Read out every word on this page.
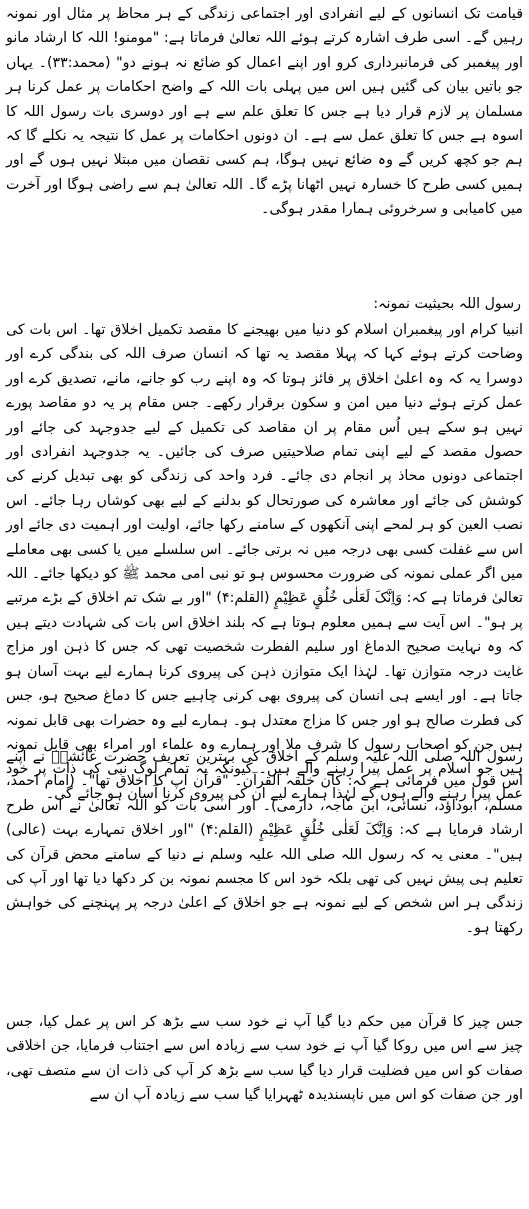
قیامت تک انسانوں کے لیے انفرادی اور اجتماعی زندگی کے ہر محاظ پر مثال اور نمونہ رہیں گے۔ اسی طرف اشارہ کرتے ہوئے اللہ تعالیٰ فرماتا ہے: "مومنو! اللہ کا ارشاد مانو اور پیغمبر کی فرمانبرداری کرو اور اپنے اعمال کو ضائع نہ ہونے دو" (محمد:۳۳)۔ یہاں جو باتیں بیان کی گئیں ہیں اس میں پہلی بات اللہ کے واضح احکامات پر عمل کرنا ہر مسلمان پر لازم قرار دیا ہے جس کا تعلق علم سے ہے اور دوسری بات رسول اللہ کا اسوہ ہے جس کا تعلق عمل سے ہے۔ ان دونوں احکامات پر عمل کا نتیجہ یہ نکلے گا کہ ہم جو کچھ کریں گے وہ ضائع نہیں ہوگا، ہم کسی نقصان میں مبتلا نہیں ہوں گے اور ہمیں کسی طرح کا خسارہ نہیں اٹھانا پڑے گا۔ اللہ تعالیٰ ہم سے راضی ہوگا اور آخرت میں کامیابی و سرخروئی ہمارا مقدر ہوگی۔

رسول اللہ بحیثیت نمونہ:

انبیا کرام اور پیغمبران اسلام کو دنیا میں بھیجنے کا مقصد تکمیل اخلاق تھا۔ اس بات کی وضاحت کرتے ہوئے کہا کہ پہلا مقصد یہ تھا کہ انسان صرف اللہ کی بندگی کرے اور دوسرا یہ کہ وہ اعلیٰ اخلاق پر فائز ہوتا کہ وہ اپنے رب کو جانے، مانے، تصدیق کرے اور عمل کرتے ہوئے دنیا میں امن و سکون برقرار رکھے۔ جس مقام پر یہ دو مقاصد پورے نہیں ہو سکے ہیں اُس مقام پر ان مقاصد کی تکمیل کے لیے جدوجہد کی جائے اور حصول مقصد کے لیے اپنی تمام صلاحیتیں صرف کی جائیں۔ یہ جدوجہد انفرادی اور اجتماعی دونوں محاذ پر انجام دی جائے۔ فرد واحد کی زندگی کو بھی تبدیل کرنے کی کوشش کی جائے اور معاشرہ کی صورتحال کو بدلنے کے لیے بھی کوشاں رہا جائے۔ اس نصب العین کو ہر لمحے اپنی آنکھوں کے سامنے رکھا جائے، اولیت اور اہمیت دی جائے اور اس سے غفلت کسی بھی درجہ میں نہ برتی جائے۔ اس سلسلے میں یا کسی بھی معاملے میں اگر عملی نمونہ کی ضرورت محسوس ہو تو نبی امی محمد ﷺ کو دیکھا جائے۔ اللہ تعالیٰ فرماتا ہے کہ: وَاِنَّکَ لَعَلٰی خُلُقٍ عَظِیْمٍ (القلم:۴) "اور بے شک تم اخلاق کے بڑے مرتبے پر ہو"۔ اس آیت سے ہمیں معلوم ہوتا ہے کہ بلند اخلاق اس بات کی شہادت دیتے ہیں کہ وہ نہایت صحیح الدماغ اور سلیم الفطرت شخصیت تھی کہ جس کا ذہن اور مزاج غایت درجہ متوازن تھا۔ لہٰذا ایک متوازن ذہن کی پیروی کرنا ہمارے لیے بہت آسان ہو جاتا ہے۔ اور ایسے ہی انسان کی پیروی بھی کرنی چاہیے جس کا دماغ صحیح ہو، جس کی فطرت صالح ہو اور جس کا مزاج معتدل ہو۔ ہمارے لیے وہ حضرات بھی قابل نمونہ ہیں جن کو اصحاب رسول کا شرف ملا اور ہمارے وہ علماء اور امراء بھی قابل نمونہ ہیں جو اسلام پر عمل پیرا رہنے والے ہیں۔ کیونکہ یہ تمام لوگ نبی کی ذات پر خود عمل پیرا رہنے والے ہوں گے لہٰذا ہمارے لیے ان کی پیروی کرنا آسان ہو جائے گی۔

رسول اللہ صلی اللہ علیہ وسلم کے اخلاق کی بہترین تعریف حضرت عائشہؓ نے اپنے اس قول میں فرمائی ہے کہ: کان خلقہ القرآن۔ "قرآن آپ کا اخلاق تھا"۔ (امام احمد، مسلم، ابوداؤد، نسائی، ابن ماجہ، دارمی)۔ اور اسی بات کو اللہ تعالیٰ نے اس طرح ارشاد فرمایا ہے کہ: وَاِنَّکَ لَعَلٰی خُلُقٍ عَظِیْمٍ (القلم:۴) "اور اخلاق تمہارے بہت (عالی) ہیں"۔ معنی یہ کہ رسول اللہ صلی اللہ علیہ وسلم نے دنیا کے سامنے محض قرآن کی تعلیم ہی پیش نہیں کی تھی بلکہ خود اس کا مجسم نمونہ بن کر دکھا دیا تھا اور آپ کی زندگی ہر اس شخص کے لیے نمونہ ہے جو اخلاق کے اعلیٰ درجہ پر پہنچنے کی خواہش رکھتا ہو۔

جس چیز کا قرآن میں حکم دیا گیا آپ نے خود سب سے بڑھ کر اس پر عمل کیا، جس چیز سے اس میں روکا گیا آپ نے خود سب سے زیادہ اس سے اجتناب فرمایا، جن اخلاقی صفات کو اس میں فضلیت قرار دیا گیا سب سے بڑھ کر آپ کی ذات ان سے متصف تھی، اور جن صفات کو اس میں ناپسندیدہ ٹھہرایا گیا سب سے زیادہ آپ ان سے
